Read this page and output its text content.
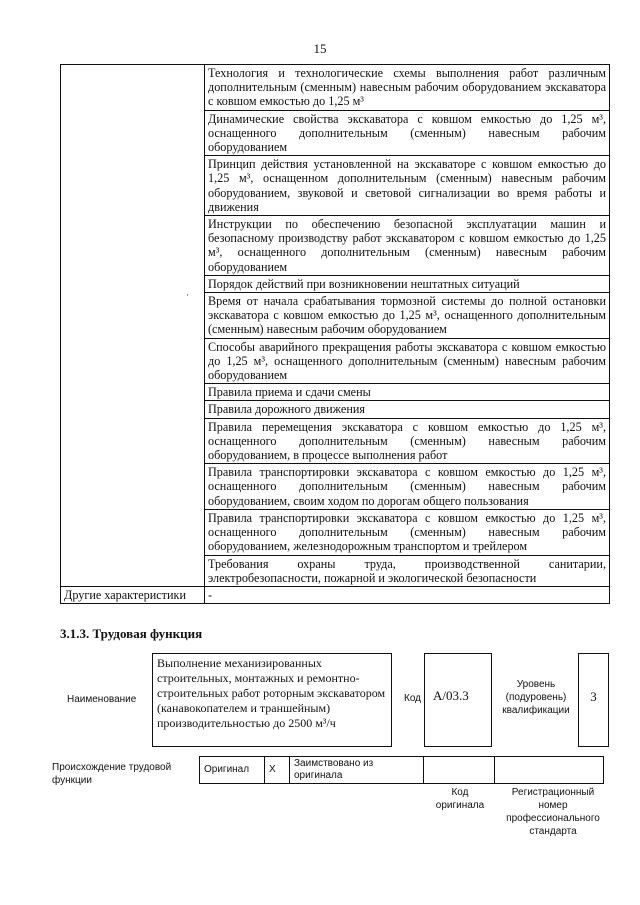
15
	Технология и технологические схемы выполнения работ различным дополнительным (сменным) навесным рабочим оборудованием экскаватора с ковшом емкостью до 1,25 м³
	Динамические свойства экскаватора с ковшом емкостью до 1,25 м³, оснащенного дополнительным (сменным) навесным рабочим оборудованием
	Принцип действия установленной на экскаваторе с ковшом емкостью до 1,25 м³, оснащенном дополнительным (сменным) навесным рабочим оборудованием, звуковой и световой сигнализации во время работы и движения
	Инструкции по обеспечению безопасной эксплуатации машин и безопасному производству работ экскаватором с ковшом емкостью до 1,25 м³, оснащенного дополнительным (сменным) навесным рабочим оборудованием
	Порядок действий при возникновении нештатных ситуаций
	Время от начала срабатывания тормозной системы до полной остановки экскаватора с ковшом емкостью до 1,25 м³, оснащенного дополнительным (сменным) навесным рабочим оборудованием
	Способы аварийного прекращения работы экскаватора с ковшом емкостью до 1,25 м³, оснащенного дополнительным (сменным) навесным рабочим оборудованием
	Правила приема и сдачи смены
	Правила дорожного движения
	Правила перемещения экскаватора с ковшом емкостью до 1,25 м³, оснащенного дополнительным (сменным) навесным рабочим оборудованием, в процессе выполнения работ
	Правила транспортировки экскаватора с ковшом емкостью до 1,25 м³, оснащенного дополнительным (сменным) навесным рабочим оборудованием, своим ходом по дорогам общего пользования
	Правила транспортировки экскаватора с ковшом емкостью до 1,25 м³, оснащенного дополнительным (сменным) навесным рабочим оборудованием, железнодорожным транспортом и трейлером
	Требования охраны труда, производственной санитарии, электробезопасности, пожарной и экологической безопасности
Другие характеристики	-
·
3.1.3. Трудовая функция
Наименование
Выполнение механизированных строительных, монтажных и ремонтно-строительных работ роторным экскаватором (канавокопателем и траншейным) производительностью до 2500 м³/ч
Код A/03.3
Уровень (подуровень) квалификации
3
Происхождение трудовой функции
Оригинал	X	Заимствовано из оригинала		
Код оригинала
Регистрационный номер профессионального стандарта
